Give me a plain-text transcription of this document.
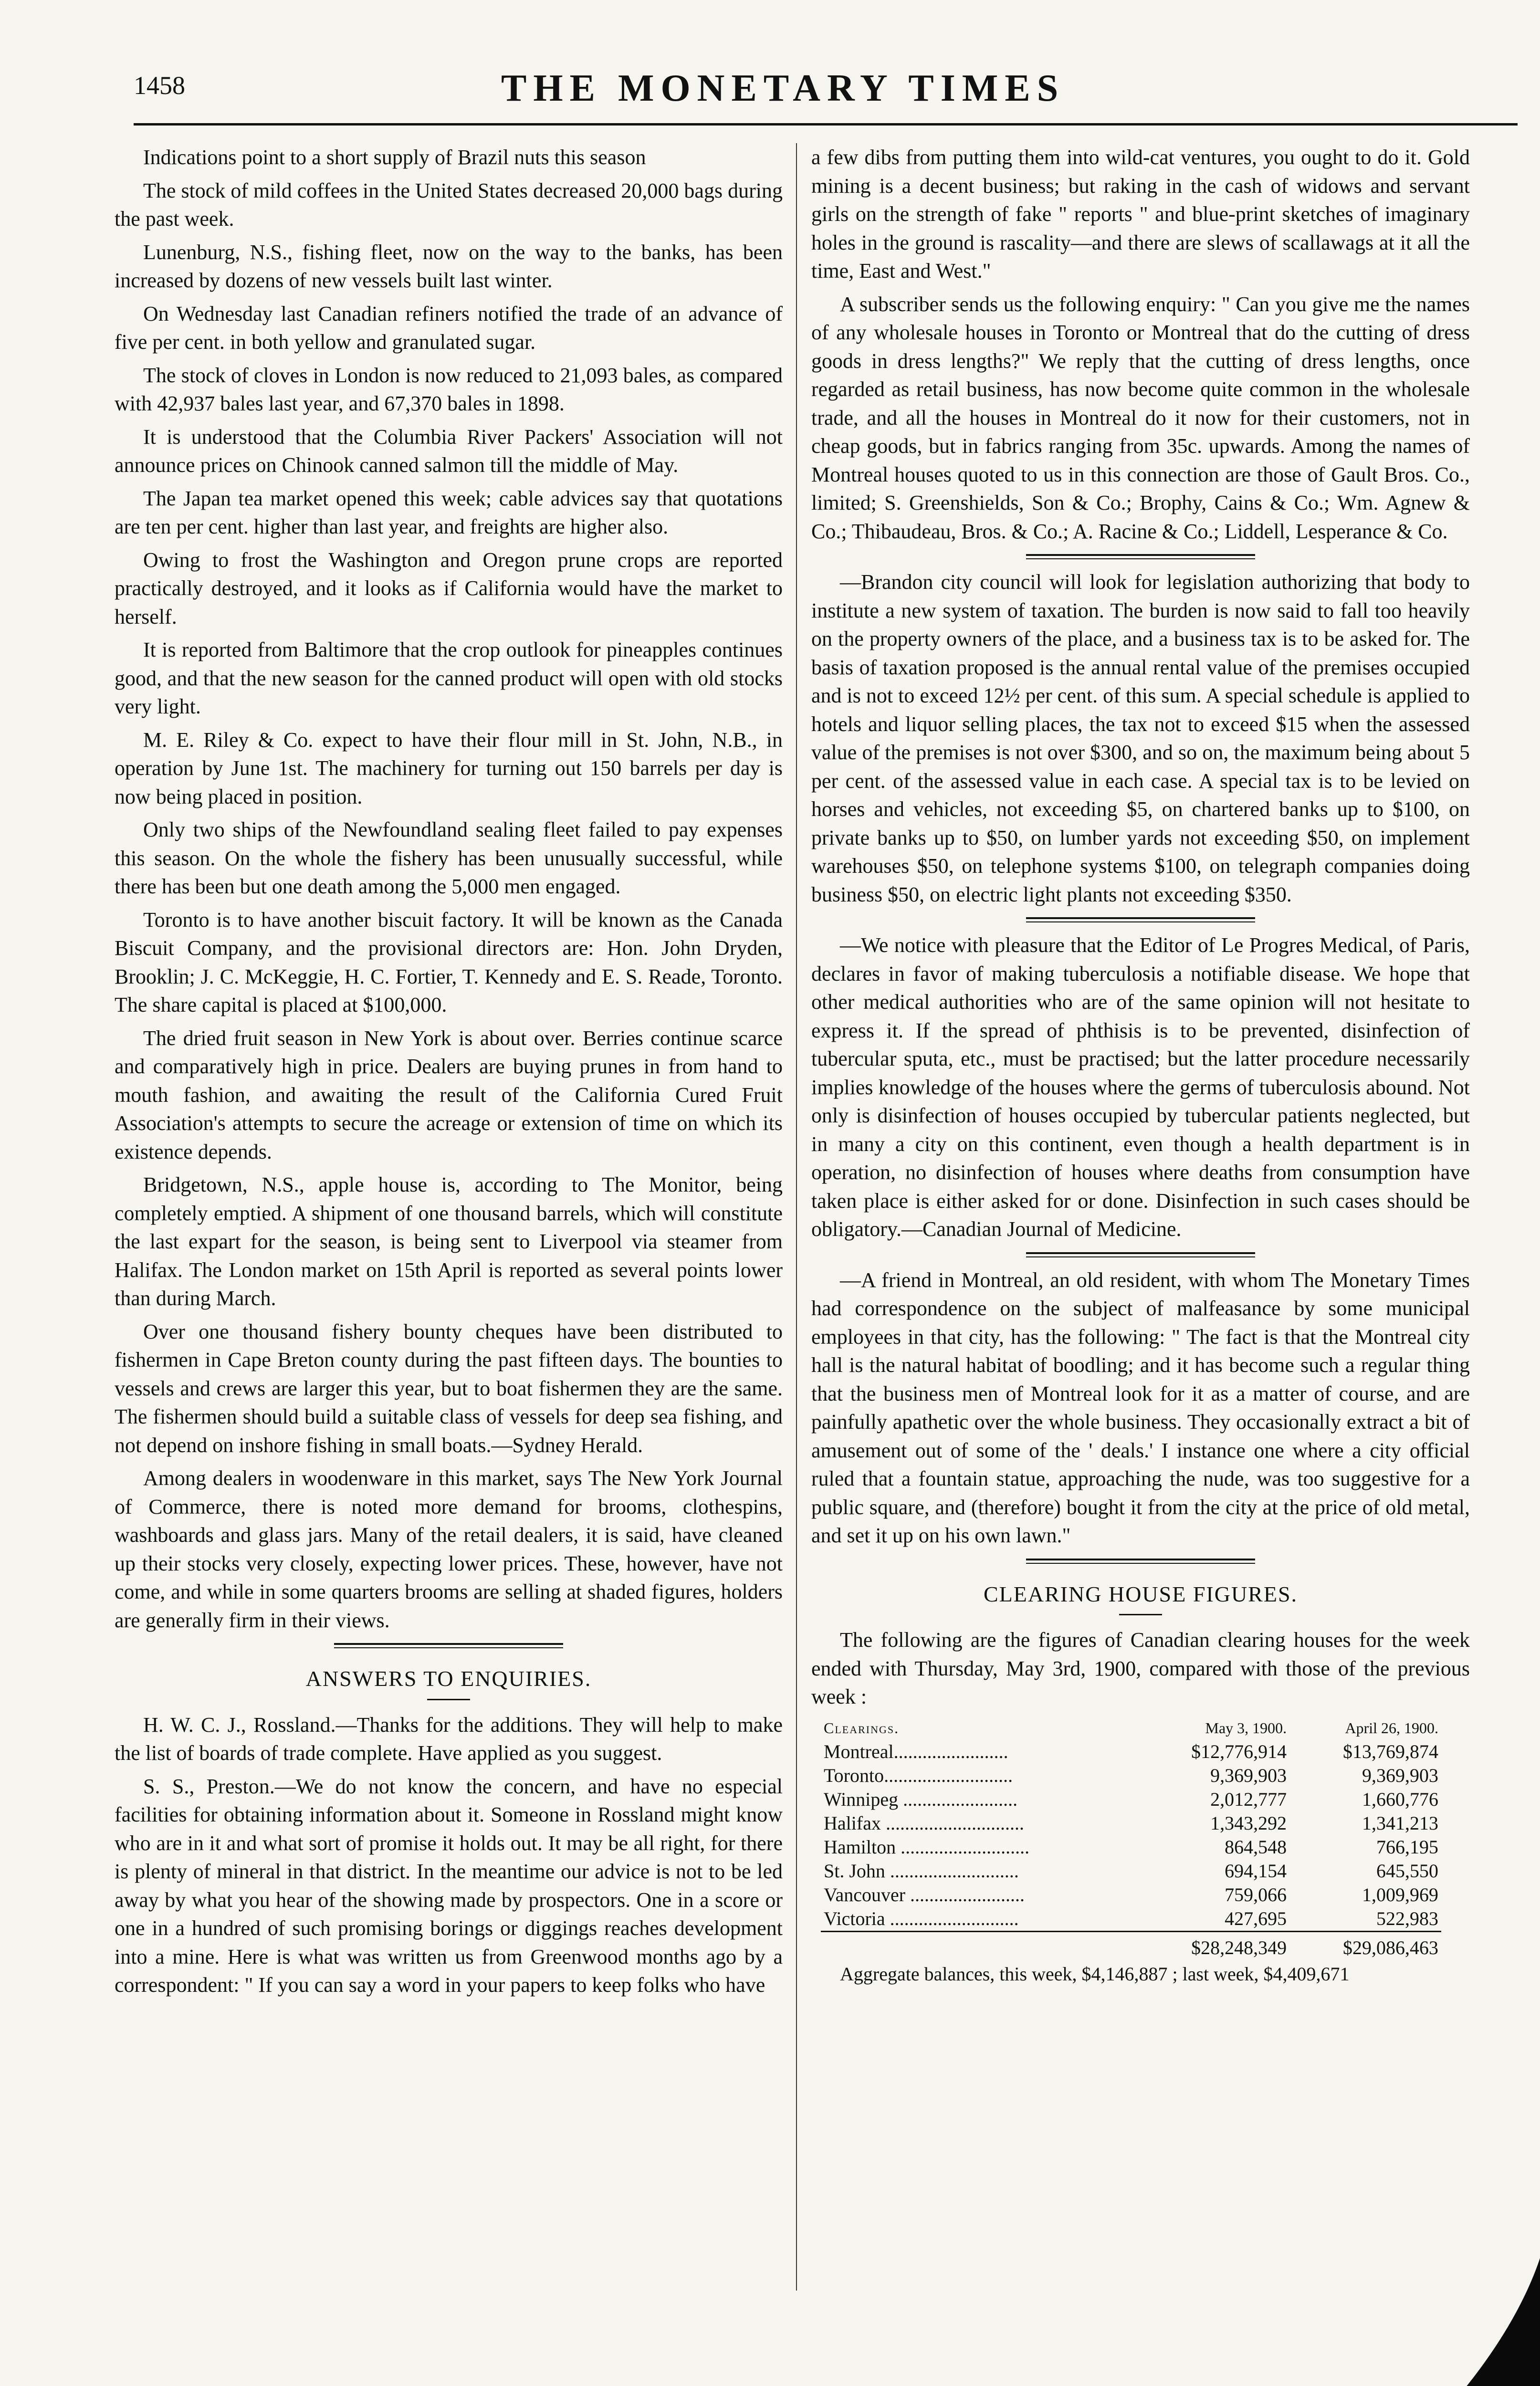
1458	THE MONETARY TIMES

Indications point to a short supply of Brazil nuts this season

The stock of mild coffees in the United States decreased 20,000 bags during the past week.

Lunenburg, N.S., fishing fleet, now on the way to the banks, has been increased by dozens of new vessels built last winter.

On Wednesday last Canadian refiners notified the trade of an advance of five per cent. in both yellow and granulated sugar.

The stock of cloves in London is now reduced to 21,093 bales, as compared with 42,937 bales last year, and 67,370 bales in 1898.

It is understood that the Columbia River Packers' Association will not announce prices on Chinook canned salmon till the middle of May.

The Japan tea market opened this week; cable advices say that quotations are ten per cent. higher than last year, and freights are higher also.

Owing to frost the Washington and Oregon prune crops are reported practically destroyed, and it looks as if California would have the market to herself.

It is reported from Baltimore that the crop outlook for pineapples continues good, and that the new season for the canned product will open with old stocks very light.

M. E. Riley & Co. expect to have their flour mill in St. John, N.B., in operation by June 1st. The machinery for turning out 150 barrels per day is now being placed in position.

Only two ships of the Newfoundland sealing fleet failed to pay expenses this season. On the whole the fishery has been unusually successful, while there has been but one death among the 5,000 men engaged.

Toronto is to have another biscuit factory. It will be known as the Canada Biscuit Company, and the provisional directors are: Hon. John Dryden, Brooklin; J. C. McKeggie, H. C. Fortier, T. Kennedy and E. S. Reade, Toronto. The share capital is placed at $100,000.

The dried fruit season in New York is about over. Berries continue scarce and comparatively high in price. Dealers are buying prunes in from hand to mouth fashion, and awaiting the result of the California Cured Fruit Association's attempts to secure the acreage or extension of time on which its existence depends.

Bridgetown, N.S., apple house is, according to The Monitor, being completely emptied. A shipment of one thousand barrels, which will constitute the last expart for the season, is being sent to Liverpool via steamer from Halifax. The London market on 15th April is reported as several points lower than during March.

Over one thousand fishery bounty cheques have been distributed to fishermen in Cape Breton county during the past fifteen days. The bounties to vessels and crews are larger this year, but to boat fishermen they are the same. The fishermen should build a suitable class of vessels for deep sea fishing, and not depend on inshore fishing in small boats.—Sydney Herald.

Among dealers in woodenware in this market, says The New York Journal of Commerce, there is noted more demand for brooms, clothespins, washboards and glass jars. Many of the retail dealers, it is said, have cleaned up their stocks very closely, expecting lower prices. These, however, have not come, and while in some quarters brooms are selling at shaded figures, holders are generally firm in their views.

ANSWERS TO ENQUIRIES.

H. W. C. J., Rossland.—Thanks for the additions. They will help to make the list of boards of trade complete. Have applied as you suggest.

S. S., Preston.—We do not know the concern, and have no especial facilities for obtaining information about it. Someone in Rossland might know who are in it and what sort of promise it holds out. It may be all right, for there is plenty of mineral in that district. In the meantime our advice is not to be led away by what you hear of the showing made by prospectors. One in a score or one in a hundred of such promising borings or diggings reaches development into a mine. Here is what was written us from Greenwood months ago by a correspondent: " If you can say a word in your papers to keep folks who have

a few dibs from putting them into wild-cat ventures, you ought to do it. Gold mining is a decent business; but raking in the cash of widows and servant girls on the strength of fake " reports " and blue-print sketches of imaginary holes in the ground is rascality—and there are slews of scallawags at it all the time, East and West."

A subscriber sends us the following enquiry: " Can you give me the names of any wholesale houses in Toronto or Montreal that do the cutting of dress goods in dress lengths?" We reply that the cutting of dress lengths, once regarded as retail business, has now become quite common in the wholesale trade, and all the houses in Montreal do it now for their customers, not in cheap goods, but in fabrics ranging from 35c. upwards. Among the names of Montreal houses quoted to us in this connection are those of Gault Bros. Co., limited; S. Greenshields, Son & Co.; Brophy, Cains & Co.; Wm. Agnew & Co.; Thibaudeau, Bros. & Co.; A. Racine & Co.; Liddell, Lesperance & Co.

—Brandon city council will look for legislation authorizing that body to institute a new system of taxation. The burden is now said to fall too heavily on the property owners of the place, and a business tax is to be asked for. The basis of taxation proposed is the annual rental value of the premises occupied and is not to exceed 12½ per cent. of this sum. A special schedule is applied to hotels and liquor selling places, the tax not to exceed $15 when the assessed value of the premises is not over $300, and so on, the maximum being about 5 per cent. of the assessed value in each case. A special tax is to be levied on horses and vehicles, not exceeding $5, on chartered banks up to $100, on private banks up to $50, on lumber yards not exceeding $50, on implement warehouses $50, on telephone systems $100, on telegraph companies doing business $50, on electric light plants not exceeding $350.

—We notice with pleasure that the Editor of Le Progres Medical, of Paris, declares in favor of making tuberculosis a notifiable disease. We hope that other medical authorities who are of the same opinion will not hesitate to express it. If the spread of phthisis is to be prevented, disinfection of tubercular sputa, etc., must be practised; but the latter procedure necessarily implies knowledge of the houses where the germs of tuberculosis abound. Not only is disinfection of houses occupied by tubercular patients neglected, but in many a city on this continent, even though a health department is in operation, no disinfection of houses where deaths from consumption have taken place is either asked for or done. Disinfection in such cases should be obligatory.—Canadian Journal of Medicine.

—A friend in Montreal, an old resident, with whom The Monetary Times had correspondence on the subject of malfeasance by some municipal employees in that city, has the following: " The fact is that the Montreal city hall is the natural habitat of boodling; and it has become such a regular thing that the business men of Montreal look for it as a matter of course, and are painfully apathetic over the whole business. They occasionally extract a bit of amusement out of some of the ' deals.' I instance one where a city official ruled that a fountain statue, approaching the nude, was too suggestive for a public square, and (therefore) bought it from the city at the price of old metal, and set it up on his own lawn."

CLEARING HOUSE FIGURES.

The following are the figures of Canadian clearing houses for the week ended with Thursday, May 3rd, 1900, compared with those of the previous week :

Clearings.	May 3, 1900.	April 26, 1900.
Montreal........................	$12,776,914	$13,769,874
Toronto...........................	9,369,903	9,369,903
Winnipeg ........................	2,012,777	1,660,776
Halifax .............................	1,343,292	1,341,213
Hamilton ...........................	864,548	766,195
St. John ...........................	694,154	645,550
Vancouver ........................	759,066	1,009,969
Victoria ...........................	427,695	522,983
	$28,248,349	$29,086,463

Aggregate balances, this week, $4,146,887 ; last week, $4,409,671
